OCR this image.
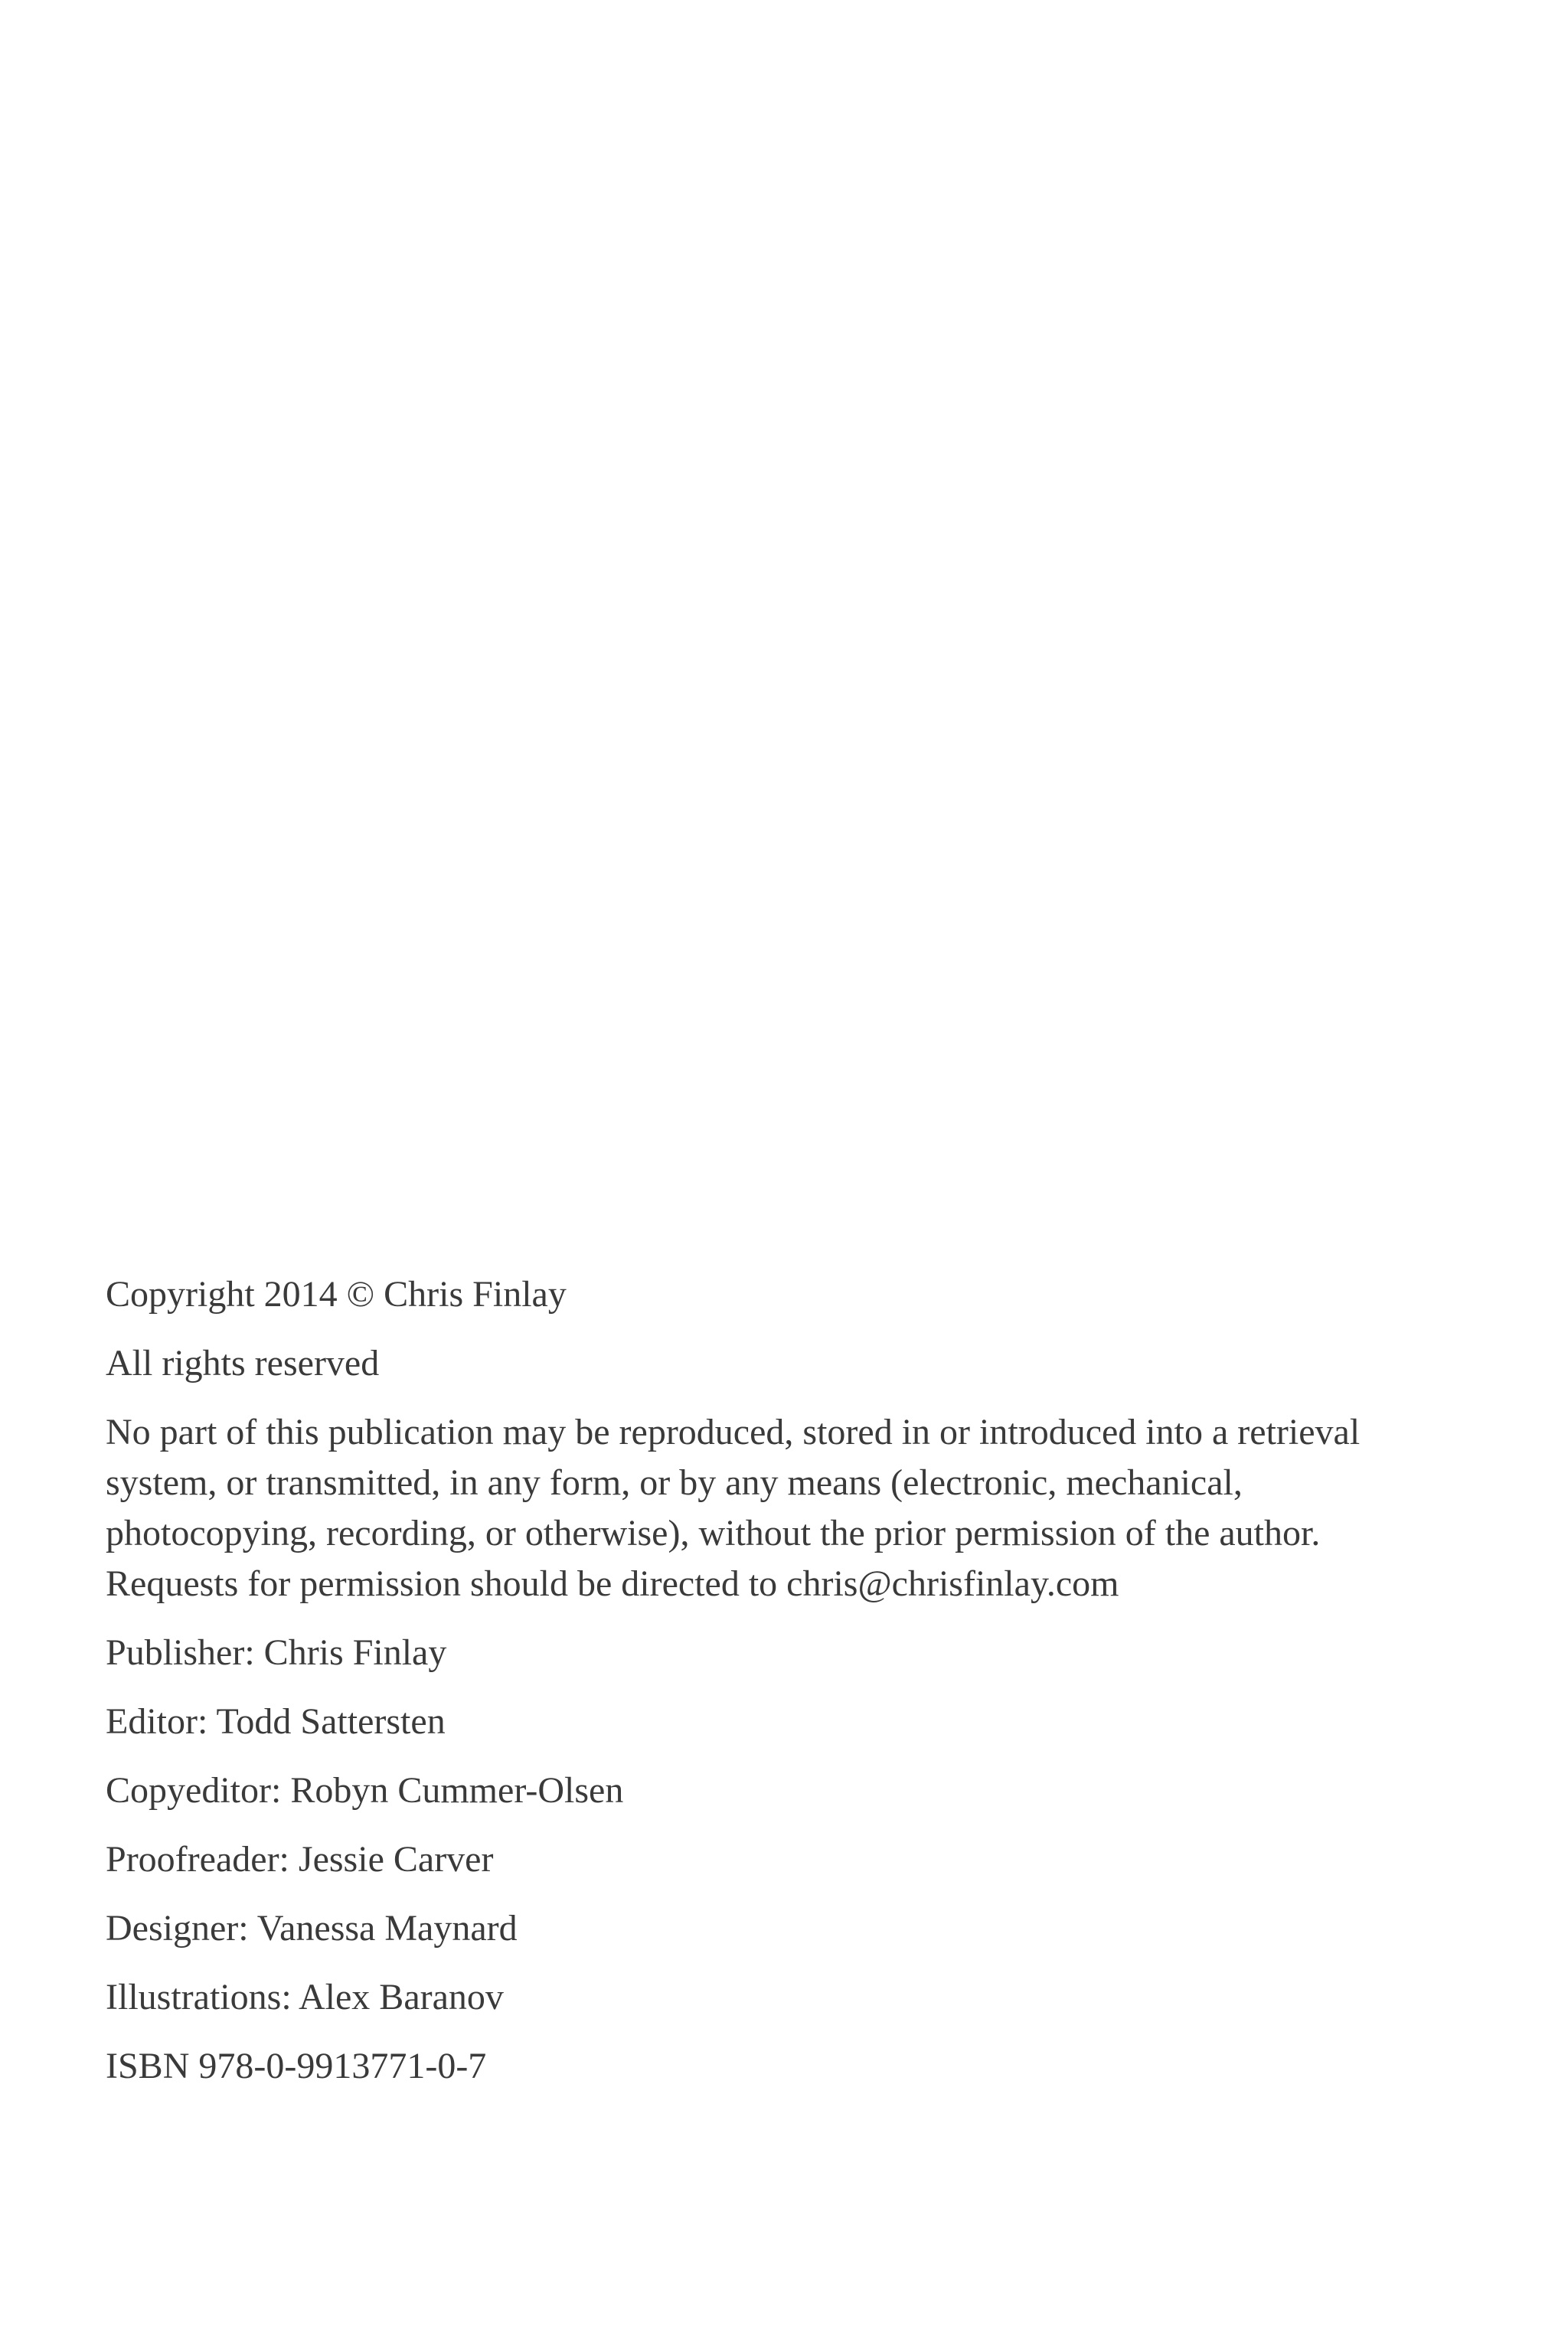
Copyright 2014 © Chris Finlay

All rights reserved

No part of this publication may be reproduced, stored in or introduced into a retrieval system, or transmitted, in any form, or by any means (electronic, mechanical, photocopying, recording, or otherwise), without the prior permission of the author. Requests for permission should be directed to chris@chrisfinlay.com

Publisher: Chris Finlay

Editor: Todd Sattersten

Copyeditor: Robyn Cummer-Olsen

Proofreader: Jessie Carver

Designer: Vanessa Maynard

Illustrations: Alex Baranov

ISBN 978-0-9913771-0-7
